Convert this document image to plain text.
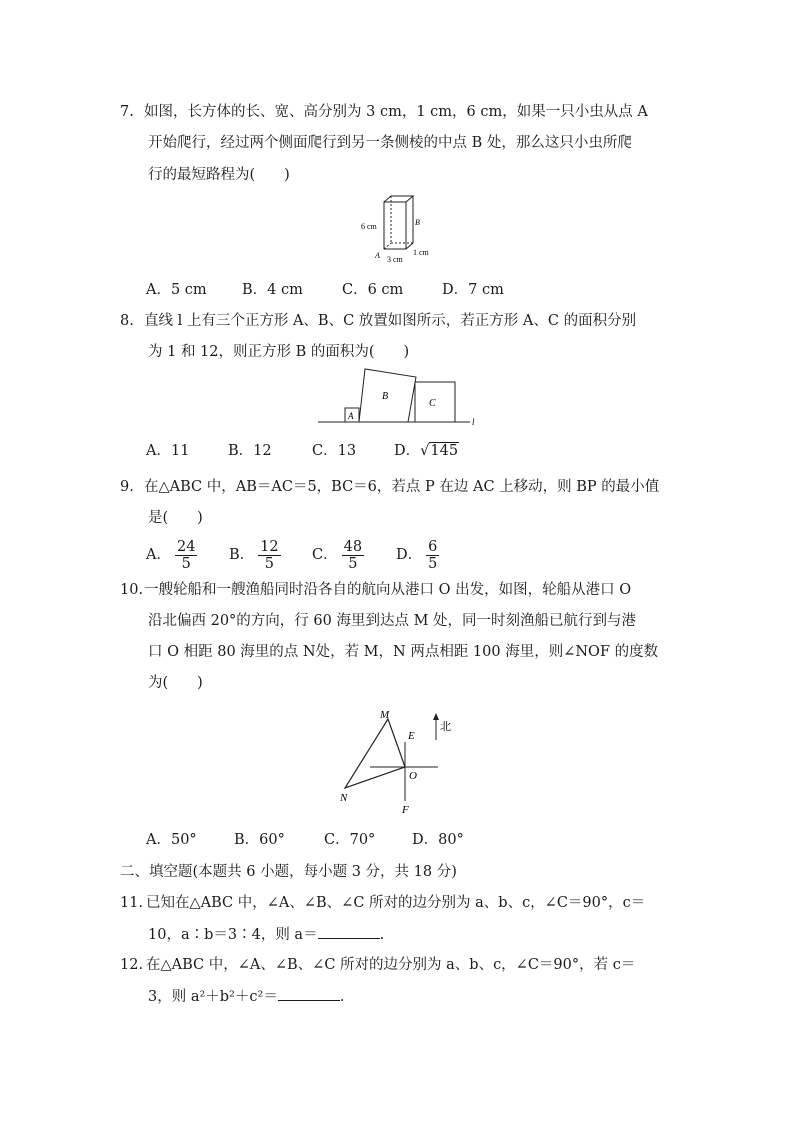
7. 如图，长方体的长、宽、高分别为 3 cm，1 cm，6 cm，如果一只小虫从点 A
开始爬行，经过两个侧面爬行到另一条侧棱的中点 B 处，那么这只小虫所爬
行的最短路程为(　　)
6 cm	B
1 cm
A 3 cm
A．5 cm B．4 cm	C．6 cm	D．7 cm
8. 直线 l 上有三个正方形 A、B、C 放置如图所示，若正方形 A、C 的面积分别
为 1 和 12，则正方形 B 的面积为(　　)
A
B
C
l
A．11	B．12	C．13	D．√145
9. 在△ABC 中，AB＝AC＝5，BC＝6，若点 P 在边 AC 上移动，则 BP 的最小值
是(　　)
A． $\frac{24}{5}$ B． $\frac{12}{5}$ C． $\frac{48}{5}$ D． $\frac{6}{5}$
10. 一艘轮船和一艘渔船同时沿各自的航向从港口 O 出发，如图，轮船从港口 O
沿北偏西 20°的方向，行 60 海里到达点 M 处，同一时刻渔船已航行到与港
口 O 相距 80 海里的点 N处，若 M，N 两点相距 100 海里，则∠NOF 的度数
为(　　)
M
E
北
O
N
F
A．50°	B．60°	C．70°	D．80°
二、填空题(本题共 6 小题，每小题 3 分，共 18 分)
11. 已知在△ABC 中，∠A、∠B、∠C 所对的边分别为 a、b、c，∠C＝90°，c＝
10，a∶b＝3∶4，则 a＝	.
12. 在△ABC 中，∠A、∠B、∠C 所对的边分别为 a、b、c，∠C＝90°，若 c＝
3，则 a²＋b²＋c²＝	.
